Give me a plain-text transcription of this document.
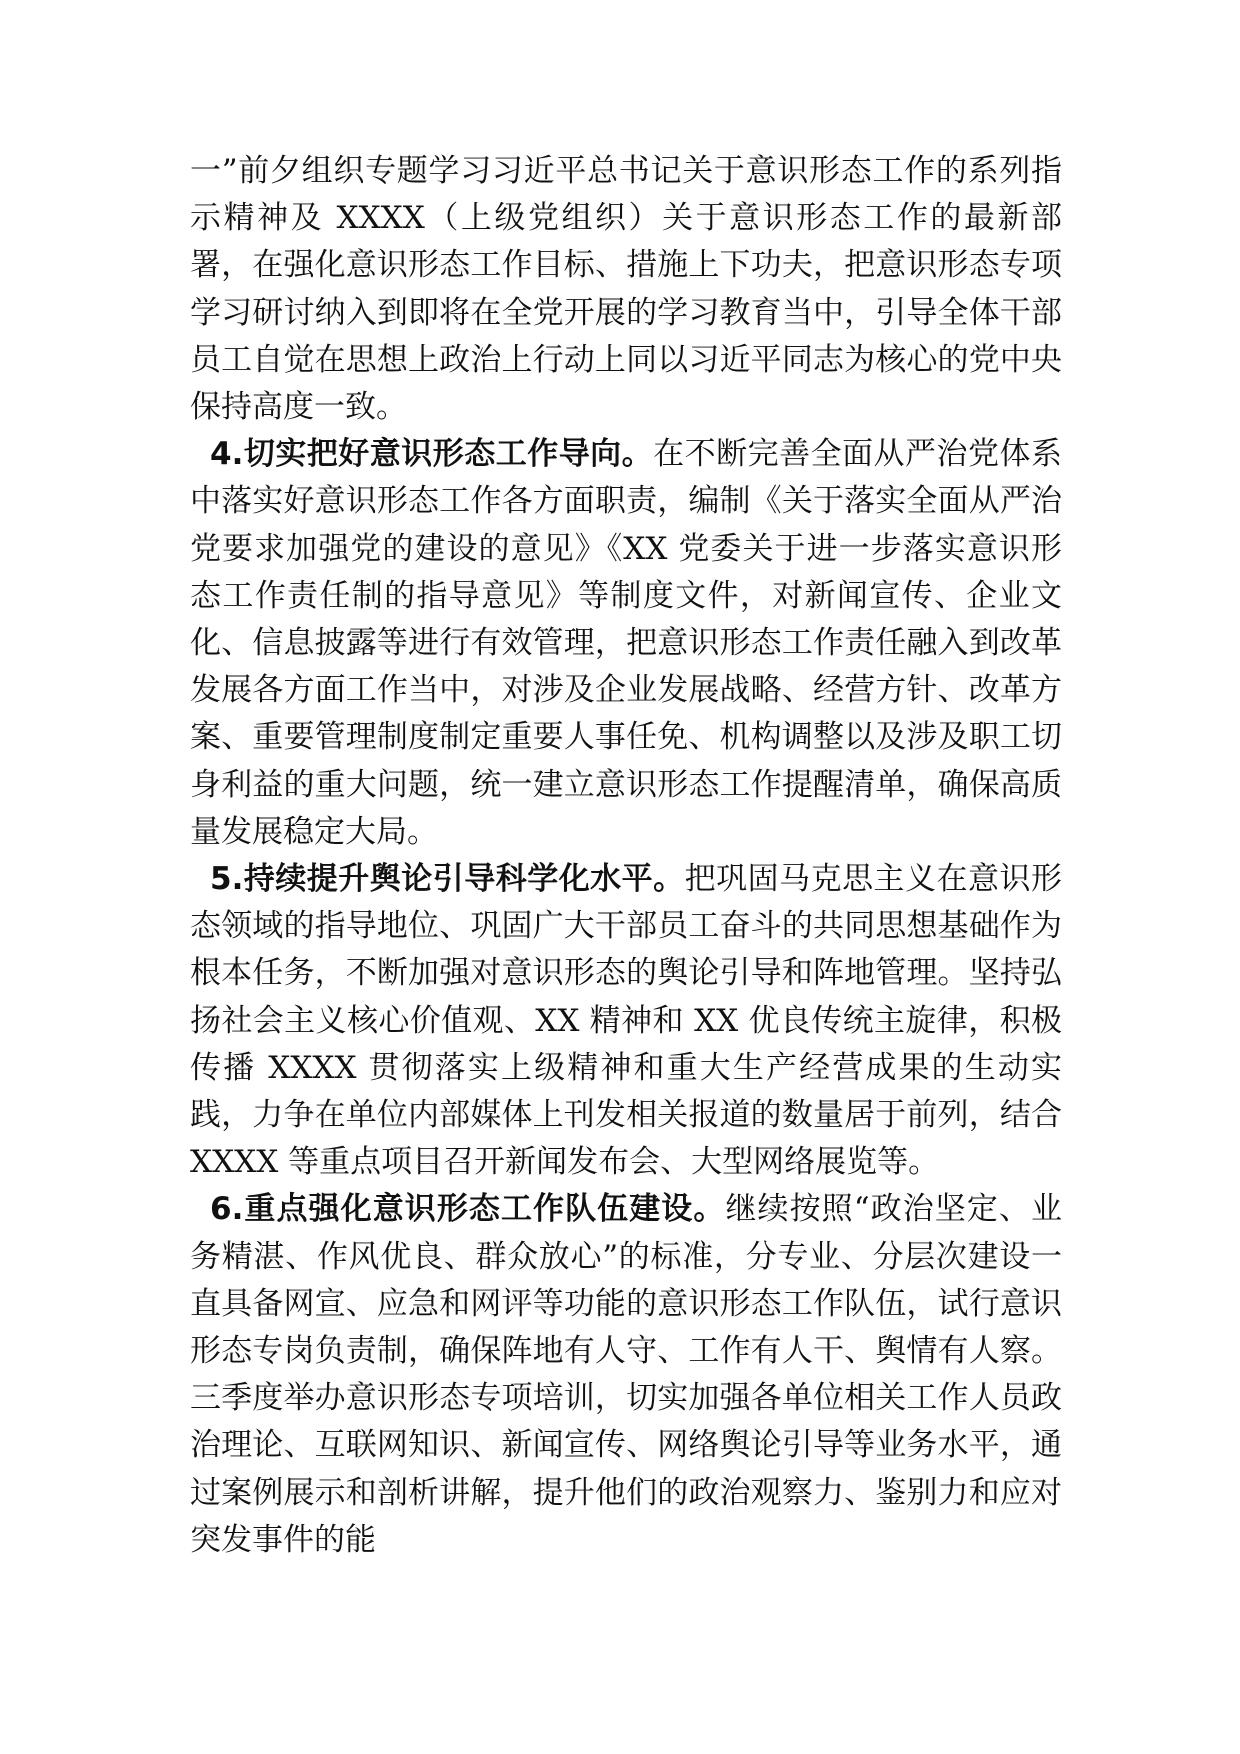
一”前夕组织专题学习习近平总书记关于意识形态工作的系列指示精神及 XXXX（上级党组织）关于意识形态工作的最新部署，在强化意识形态工作目标、措施上下功夫，把意识形态专项学习研讨纳入到即将在全党开展的学习教育当中，引导全体干部员工自觉在思想上政治上行动上同以习近平同志为核心的党中央保持高度一致。

4.切实把好意识形态工作导向。在不断完善全面从严治党体系中落实好意识形态工作各方面职责，编制《关于落实全面从严治党要求加强党的建设的意见》《XX 党委关于进一步落实意识形态工作责任制的指导意见》等制度文件，对新闻宣传、企业文化、信息披露等进行有效管理，把意识形态工作责任融入到改革发展各方面工作当中，对涉及企业发展战略、经营方针、改革方案、重要管理制度制定重要人事任免、机构调整以及涉及职工切身利益的重大问题，统一建立意识形态工作提醒清单，确保高质量发展稳定大局。

5.持续提升舆论引导科学化水平。把巩固马克思主义在意识形态领域的指导地位、巩固广大干部员工奋斗的共同思想基础作为根本任务，不断加强对意识形态的舆论引导和阵地管理。坚持弘扬社会主义核心价值观、XX 精神和 XX 优良传统主旋律，积极传播 XXXX 贯彻落实上级精神和重大生产经营成果的生动实践，力争在单位内部媒体上刊发相关报道的数量居于前列，结合 XXXX 等重点项目召开新闻发布会、大型网络展览等。

6.重点强化意识形态工作队伍建设。继续按照“政治坚定、业务精湛、作风优良、群众放心”的标准，分专业、分层次建设一直具备网宣、应急和网评等功能的意识形态工作队伍，试行意识形态专岗负责制，确保阵地有人守、工作有人干、舆情有人察。三季度举办意识形态专项培训，切实加强各单位相关工作人员政治理论、互联网知识、新闻宣传、网络舆论引导等业务水平，通过案例展示和剖析讲解，提升他们的政治观察力、鉴别力和应对突发事件的能
